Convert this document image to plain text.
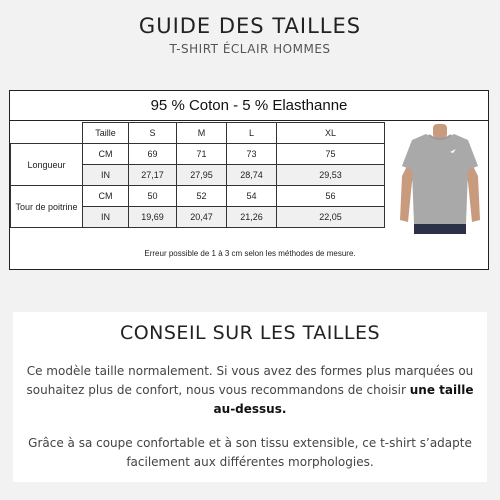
GUIDE DES TAILLES
T-SHIRT ÉCLAIR HOMMES
95 % Coton - 5 % Elasthanne
	Taille	S	M	L	XL
Longueur	CM	69	71	73	75
	IN	27,17	27,95	28,74	29,53
Tour de poitrine	CM	50	52	54	56
	IN	19,69	20,47	21,26	22,05
Erreur possible de 1 à 3 cm selon les méthodes de mesure.
CONSEIL SUR LES TAILLES
Ce modèle taille normalement. Si vous avez des formes plus marquées ou souhaitez plus de confort, nous vous recommandons de choisir une taille au-dessus.
Grâce à sa coupe confortable et à son tissu extensible, ce t-shirt s’adapte facilement aux différentes morphologies.
